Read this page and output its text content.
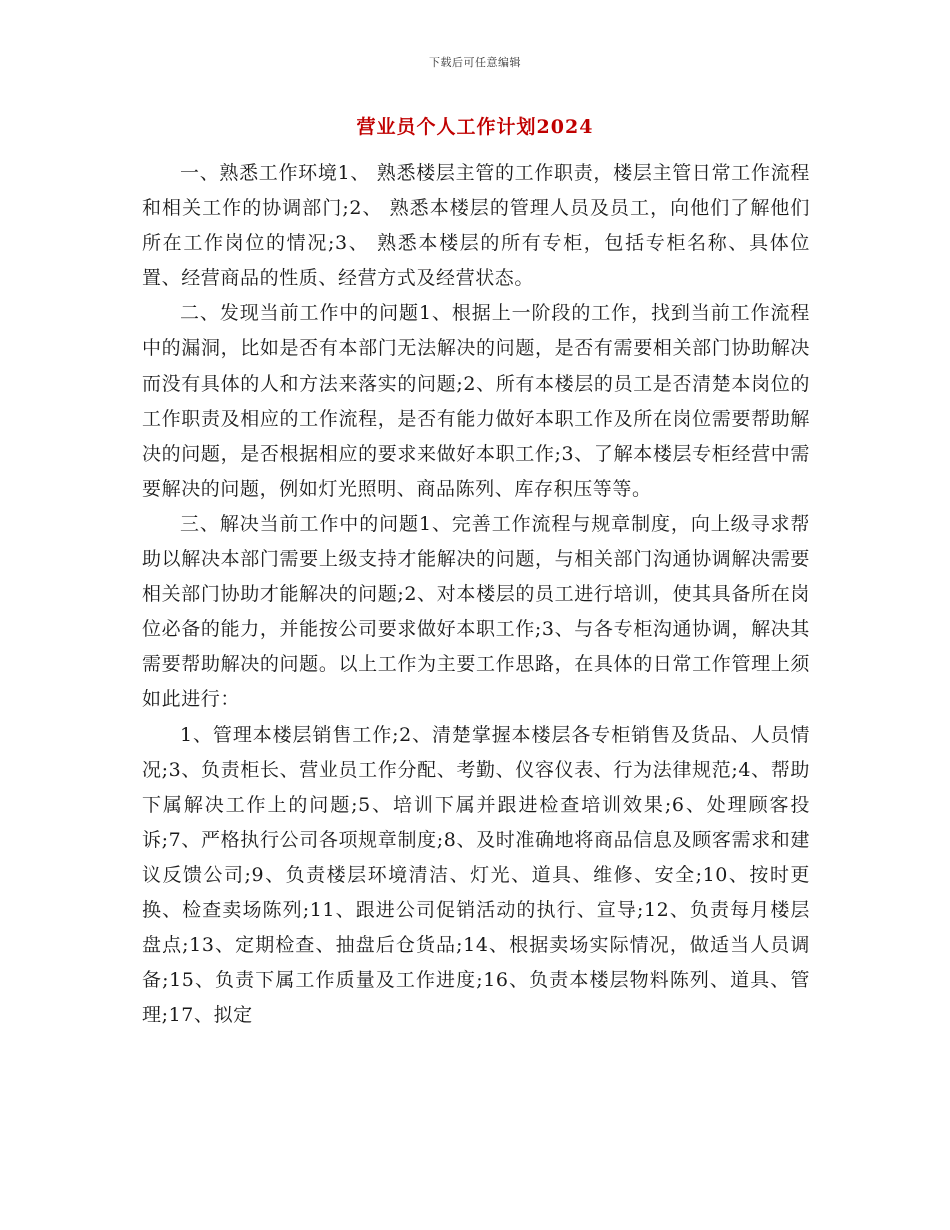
下载后可任意编辑
营业员个人工作计划2024

一、熟悉工作环境1、 熟悉楼层主管的工作职责，楼层主管日常工作流程和相关工作的协调部门;2、 熟悉本楼层的管理人员及员工，向他们了解他们所在工作岗位的情况;3、 熟悉本楼层的所有专柜，包括专柜名称、具体位置、经营商品的性质、经营方式及经营状态。

二、发现当前工作中的问题1、根据上一阶段的工作，找到当前工作流程中的漏洞，比如是否有本部门无法解决的问题，是否有需要相关部门协助解决而没有具体的人和方法来落实的问题;2、所有本楼层的员工是否清楚本岗位的工作职责及相应的工作流程，是否有能力做好本职工作及所在岗位需要帮助解决的问题，是否根据相应的要求来做好本职工作;3、了解本楼层专柜经营中需要解决的问题，例如灯光照明、商品陈列、库存积压等等。

三、解决当前工作中的问题1、完善工作流程与规章制度，向上级寻求帮助以解决本部门需要上级支持才能解决的问题，与相关部门沟通协调解决需要相关部门协助才能解决的问题;2、对本楼层的员工进行培训，使其具备所在岗位必备的能力，并能按公司要求做好本职工作;3、与各专柜沟通协调，解决其需要帮助解决的问题。以上工作为主要工作思路，在具体的日常工作管理上须如此进行：

1、管理本楼层销售工作;2、清楚掌握本楼层各专柜销售及货品、人员情况;3、负责柜长、营业员工作分配、考勤、仪容仪表、行为法律规范;4、帮助下属解决工作上的问题;5、培训下属并跟进检查培训效果;6、处理顾客投诉;7、严格执行公司各项规章制度;8、及时准确地将商品信息及顾客需求和建议反馈公司;9、负责楼层环境清洁、灯光、道具、维修、安全;10、按时更换、检查卖场陈列;11、跟进公司促销活动的执行、宣导;12、负责每月楼层盘点;13、定期检查、抽盘后仓货品;14、根据卖场实际情况，做适当人员调备;15、负责下属工作质量及工作进度;16、负责本楼层物料陈列、道具、管理;17、拟定
